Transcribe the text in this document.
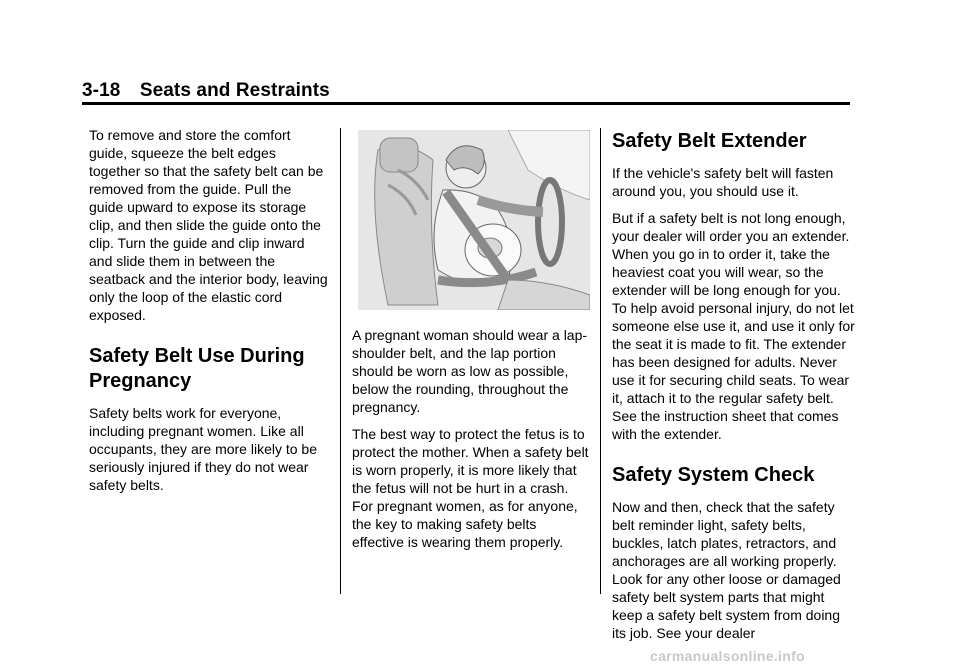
3-18 Seats and Restraints

To remove and store the comfort guide, squeeze the belt edges together so that the safety belt can be removed from the guide. Pull the guide upward to expose its storage clip, and then slide the guide onto the clip. Turn the guide and clip inward and slide them in between the seatback and the interior body, leaving only the loop of the elastic cord exposed.

Safety Belt Use During Pregnancy

Safety belts work for everyone, including pregnant women. Like all occupants, they are more likely to be seriously injured if they do not wear safety belts.

A pregnant woman should wear a lap-shoulder belt, and the lap portion should be worn as low as possible, below the rounding, throughout the pregnancy.

The best way to protect the fetus is to protect the mother. When a safety belt is worn properly, it is more likely that the fetus will not be hurt in a crash. For pregnant women, as for anyone, the key to making safety belts effective is wearing them properly.

Safety Belt Extender

If the vehicle's safety belt will fasten around you, you should use it.

But if a safety belt is not long enough, your dealer will order you an extender. When you go in to order it, take the heaviest coat you will wear, so the extender will be long enough for you. To help avoid personal injury, do not let someone else use it, and use it only for the seat it is made to fit. The extender has been designed for adults. Never use it for securing child seats. To wear it, attach it to the regular safety belt. See the instruction sheet that comes with the extender.

Safety System Check

Now and then, check that the safety belt reminder light, safety belts, buckles, latch plates, retractors, and anchorages are all working properly. Look for any other loose or damaged safety belt system parts that might keep a safety belt system from doing its job. See your dealer

carmanualsonline.info
